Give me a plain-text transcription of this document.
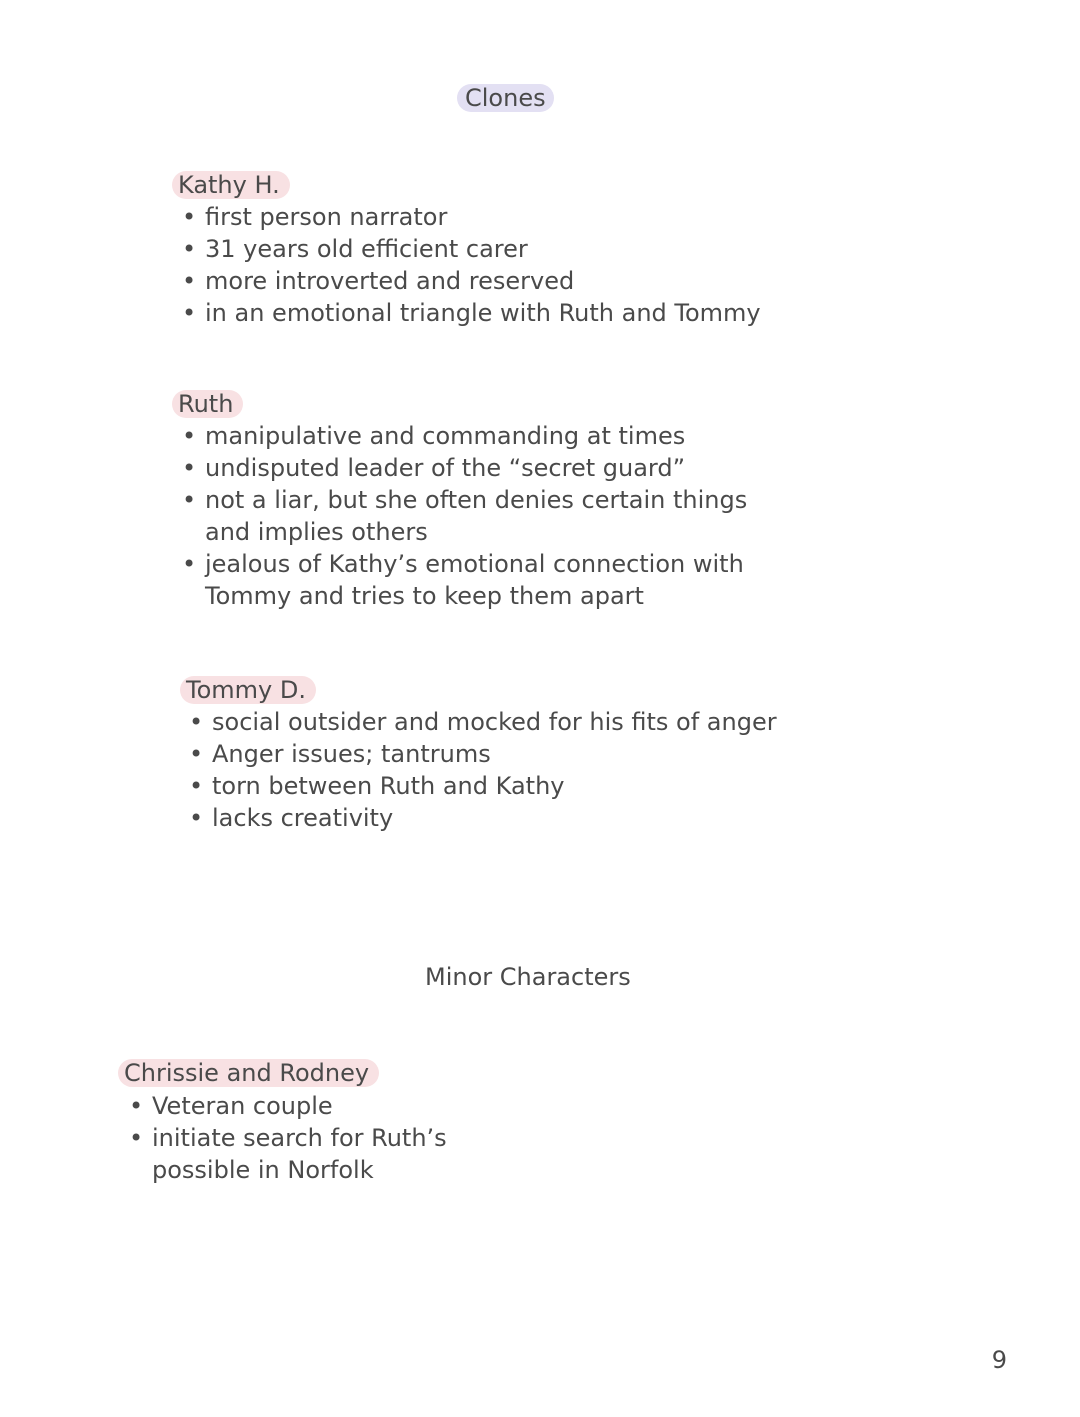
Clones
Kathy H.
• first person narrator
• 31 years old efficient carer
• more introverted and reserved
• in an emotional triangle with Ruth and Tommy
Ruth
• manipulative and commanding at times
• undisputed leader of the “secret guard”
• not a liar, but she often denies certain things and implies others
• jealous of Kathy’s emotional connection with Tommy and tries to keep them apart
Tommy D.
• social outsider and mocked for his fits of anger
• Anger issues; tantrums
• torn between Ruth and Kathy
• lacks creativity
Minor Characters
Chrissie and Rodney
• Veteran couple
• initiate search for Ruth’s possible in Norfolk
9
